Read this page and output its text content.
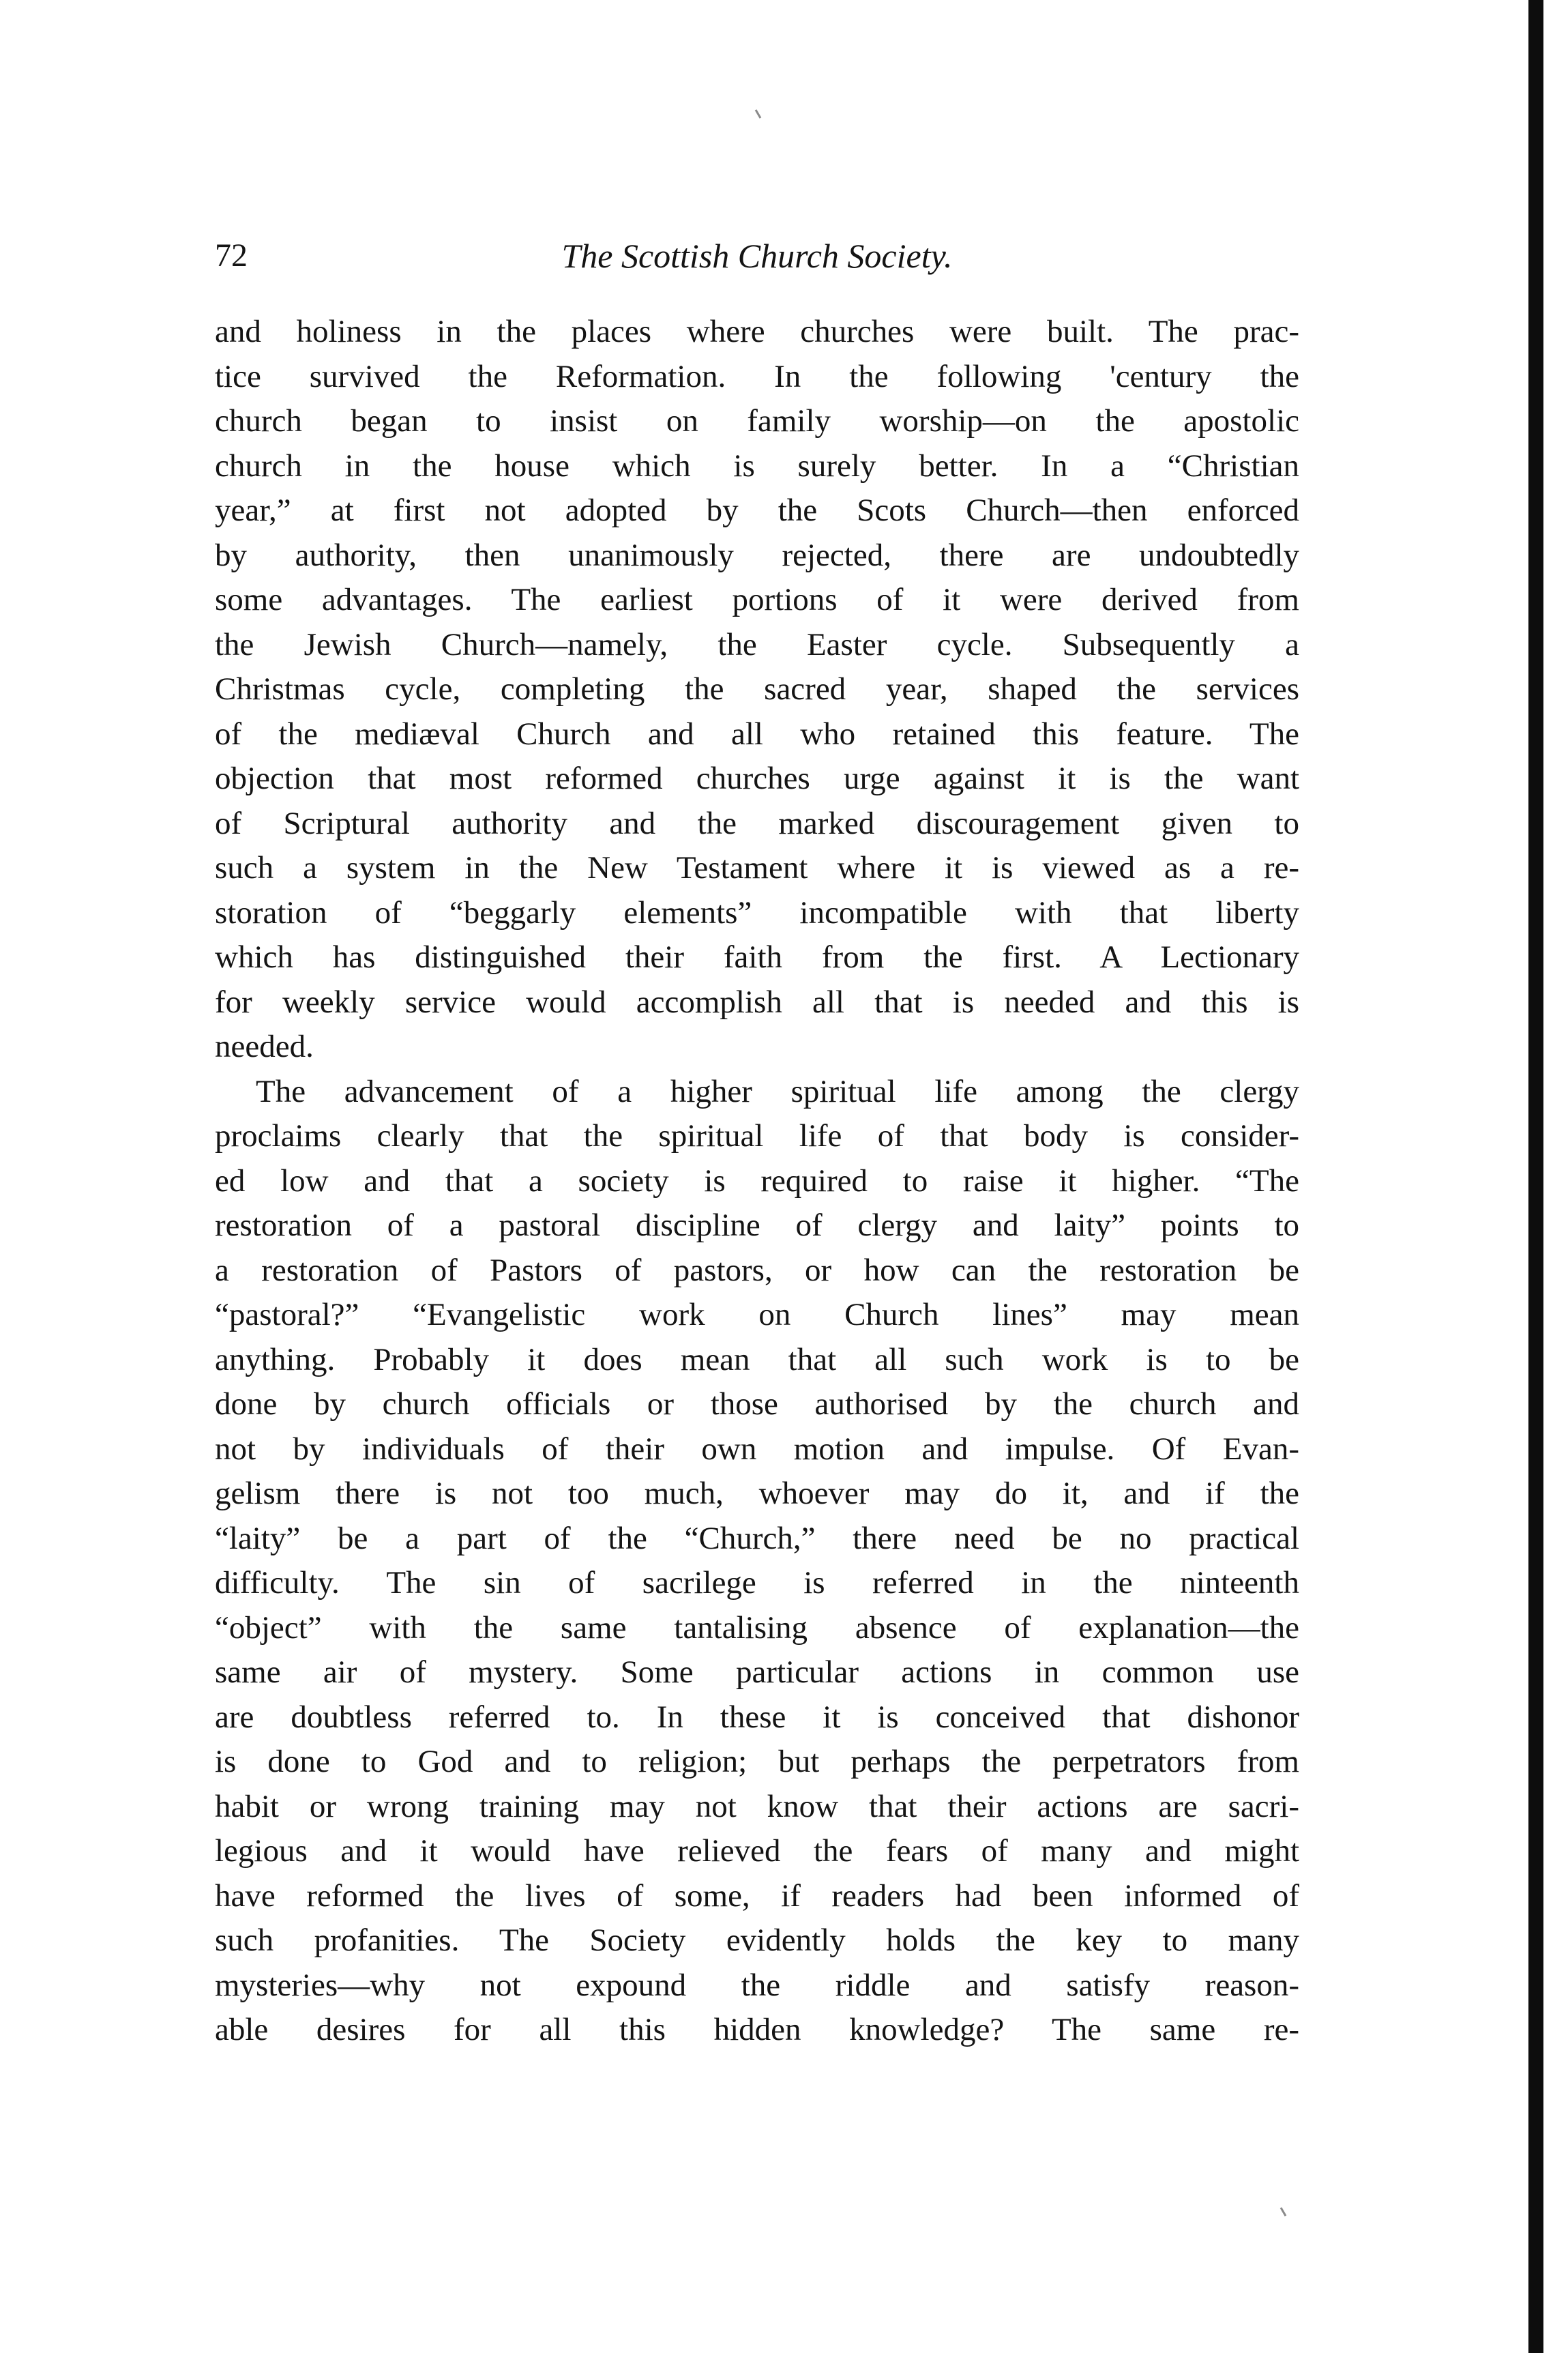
72	The Scottish Church Society.
and holiness in the places where churches were built. The prac-
tice survived the Reformation. In the following 'century the
church began to insist on family worship—on the apostolic
church in the house which is surely better. In a “Christian
year,” at first not adopted by the Scots Church—then enforced
by authority, then unanimously rejected, there are undoubtedly
some advantages. The earliest portions of it were derived from
the Jewish Church—namely, the Easter cycle. Subsequently a
Christmas cycle, completing the sacred year, shaped the services
of the mediæval Church and all who retained this feature. The
objection that most reformed churches urge against it is the want
of Scriptural authority and the marked discouragement given to
such a system in the New Testament where it is viewed as a re-
storation of “beggarly elements” incompatible with that liberty
which has distinguished their faith from the first. A Lectionary
for weekly service would accomplish all that is needed and this is
needed.
The advancement of a higher spiritual life among the clergy
proclaims clearly that the spiritual life of that body is consider-
ed low and that a society is required to raise it higher. “The
restoration of a pastoral discipline of clergy and laity” points to
a restoration of Pastors of pastors, or how can the restoration be
“pastoral?” “Evangelistic work on Church lines” may mean
anything. Probably it does mean that all such work is to be
done by church officials or those authorised by the church and
not by individuals of their own motion and impulse. Of Evan-
gelism there is not too much, whoever may do it, and if the
“laity” be a part of the “Church,” there need be no practical
difficulty. The sin of sacrilege is referred in the ninteenth
“object” with the same tantalising absence of explanation—the
same air of mystery. Some particular actions in common use
are doubtless referred to. In these it is conceived that dishonor
is done to God and to religion; but perhaps the perpetrators from
habit or wrong training may not know that their actions are sacri-
legious and it would have relieved the fears of many and might
have reformed the lives of some, if readers had been informed of
such profanities. The Society evidently holds the key to many
mysteries—why not expound the riddle and satisfy reason-
able desires for all this hidden knowledge? The same re-
